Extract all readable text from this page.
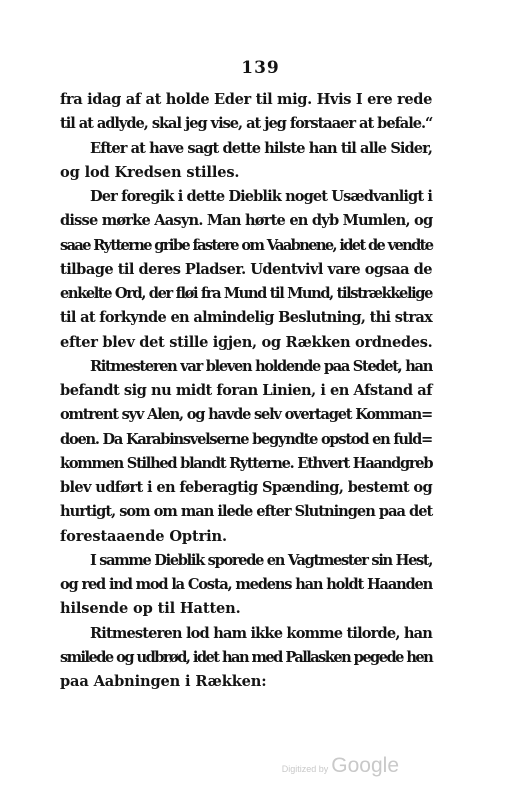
139
fra idag af at holde Eder til mig. Hvis I ere rede
til at adlyde, skal jeg vise, at jeg forstaaer at befale.“
Efter at have sagt dette hilste han til alle Sider,
og lod Kredsen stilles.
Der foregik i dette Dieblik noget Usædvanligt i
disse mørke Aasyn. Man hørte en dyb Mumlen, og
saae Rytterne gribe fastere om Vaabnene, idet de vendte
tilbage til deres Pladser. Udentvivl vare ogsaa de
enkelte Ord, der fløi fra Mund til Mund, tilstrækkelige
til at forkynde en almindelig Beslutning, thi strax
efter blev det stille igjen, og Rækken ordnedes.
Ritmesteren var bleven holdende paa Stedet, han
befandt sig nu midt foran Linien, i en Afstand af
omtrent syv Alen, og havde selv overtaget Komman=
doen. Da Karabinsvelserne begyndte opstod en fuld=
kommen Stilhed blandt Rytterne. Ethvert Haandgreb
blev udført i en feberagtig Spænding, bestemt og
hurtigt, som om man ilede efter Slutningen paa det
forestaaende Optrin.
I samme Dieblik sporede en Vagtmester sin Hest,
og red ind mod la Costa, medens han holdt Haanden
hilsende op til Hatten.
Ritmesteren lod ham ikke komme tilorde, han
smilede og udbrød, idet han med Pallasken pegede hen
paa Aabningen i Rækken:
Digitized by Google
